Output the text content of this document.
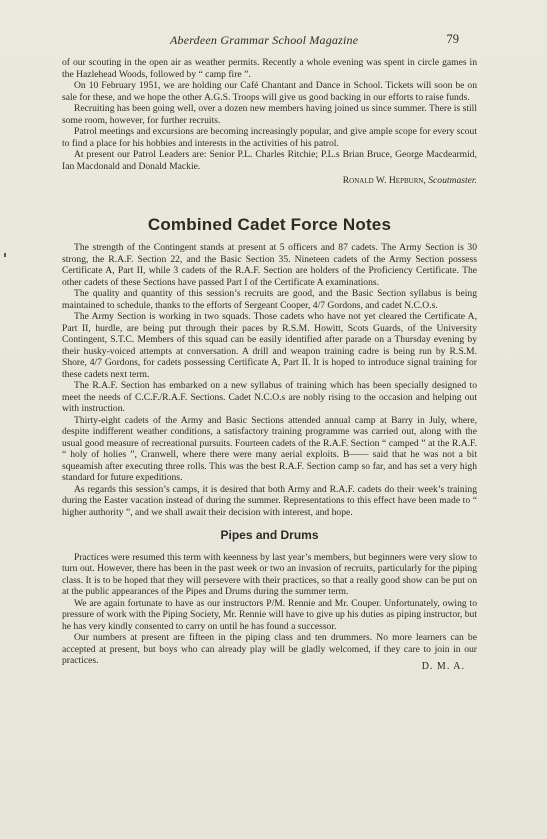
Aberdeen Grammar School Magazine	79

of our scouting in the open air as weather permits. Recently a whole evening was spent in circle games in the Hazlehead Woods, followed by “ camp fire ”.

On 10 February 1951, we are holding our Café Chantant and Dance in School. Tickets will soon be on sale for these, and we hope the other A.G.S. Troops will give us good backing in our efforts to raise funds.

Recruiting has been going well, over a dozen new members having joined us since summer. There is still some room, however, for further recruits.

Patrol meetings and excursions are becoming increasingly popular, and give ample scope for every scout to find a place for his hobbies and interests in the activities of his patrol.

At present our Patrol Leaders are: Senior P.L. Charles Ritchie; P.L.s Brian Bruce, George Macdearmid, Ian Macdonald and Donald Mackie.

Ronald W. Hepburn, Scoutmaster.
Combined Cadet Force Notes

The strength of the Contingent stands at present at 5 officers and 87 cadets. The Army Section is 30 strong, the R.A.F. Section 22, and the Basic Section 35. Nineteen cadets of the Army Section possess Certificate A, Part II, while 3 cadets of the R.A.F. Section are holders of the Proficiency Certificate. The other cadets of these Sections have passed Part I of the Certificate A examinations.

The quality and quantity of this session’s recruits are good, and the Basic Section syllabus is being maintained to schedule, thanks to the efforts of Sergeant Cooper, 4/7 Gordons, and cadet N.C.O.s.

The Army Section is working in two squads. Those cadets who have not yet cleared the Certificate A, Part II, hurdle, are being put through their paces by R.S.M. Howitt, Scots Guards, of the University Contingent, S.T.C. Members of this squad can be easily identified after parade on a Thursday evening by their husky-voiced attempts at conversation. A drill and weapon training cadre is being run by R.S.M. Shore, 4/7 Gordons, for cadets possessing Certificate A, Part II. It is hoped to introduce signal training for these cadets next term.

The R.A.F. Section has embarked on a new syllabus of training which has been specially designed to meet the needs of C.C.F./R.A.F. Sections. Cadet N.C.O.s are nobly rising to the occasion and helping out with instruction.

Thirty-eight cadets of the Army and Basic Sections attended annual camp at Barry in July, where, despite indifferent weather conditions, a satisfactory training programme was carried out, along with the usual good measure of recreational pursuits. Fourteen cadets of the R.A.F. Section “ camped ” at the R.A.F. “ holy of holies ”, Cranwell, where there were many aerial exploits. B—— said that he was not a bit squeamish after executing three rolls. This was the best R.A.F. Section camp so far, and has set a very high standard for future expeditions.

As regards this session’s camps, it is desired that both Army and R.A.F. cadets do their week’s training during the Easter vacation instead of during the summer. Representations to this effect have been made to “ higher authority ”, and we shall await their decision with interest, and hope.

Pipes and Drums

Practices were resumed this term with keenness by last year’s members, but beginners were very slow to turn out. However, there has been in the past week or two an invasion of recruits, particularly for the piping class. It is to be hoped that they will persevere with their practices, so that a really good show can be put on at the public appearances of the Pipes and Drums during the summer term.

We are again fortunate to have as our instructors P/M. Rennie and Mr. Couper. Unfortunately, owing to pressure of work with the Piping Society, Mr. Rennie will have to give up his duties as piping instructor, but he has very kindly consented to carry on until he has found a successor.

Our numbers at present are fifteen in the piping class and ten drummers. No more learners can be accepted at present, but boys who can already play will be gladly welcomed, if they care to join in our practices.	D. M. A.
